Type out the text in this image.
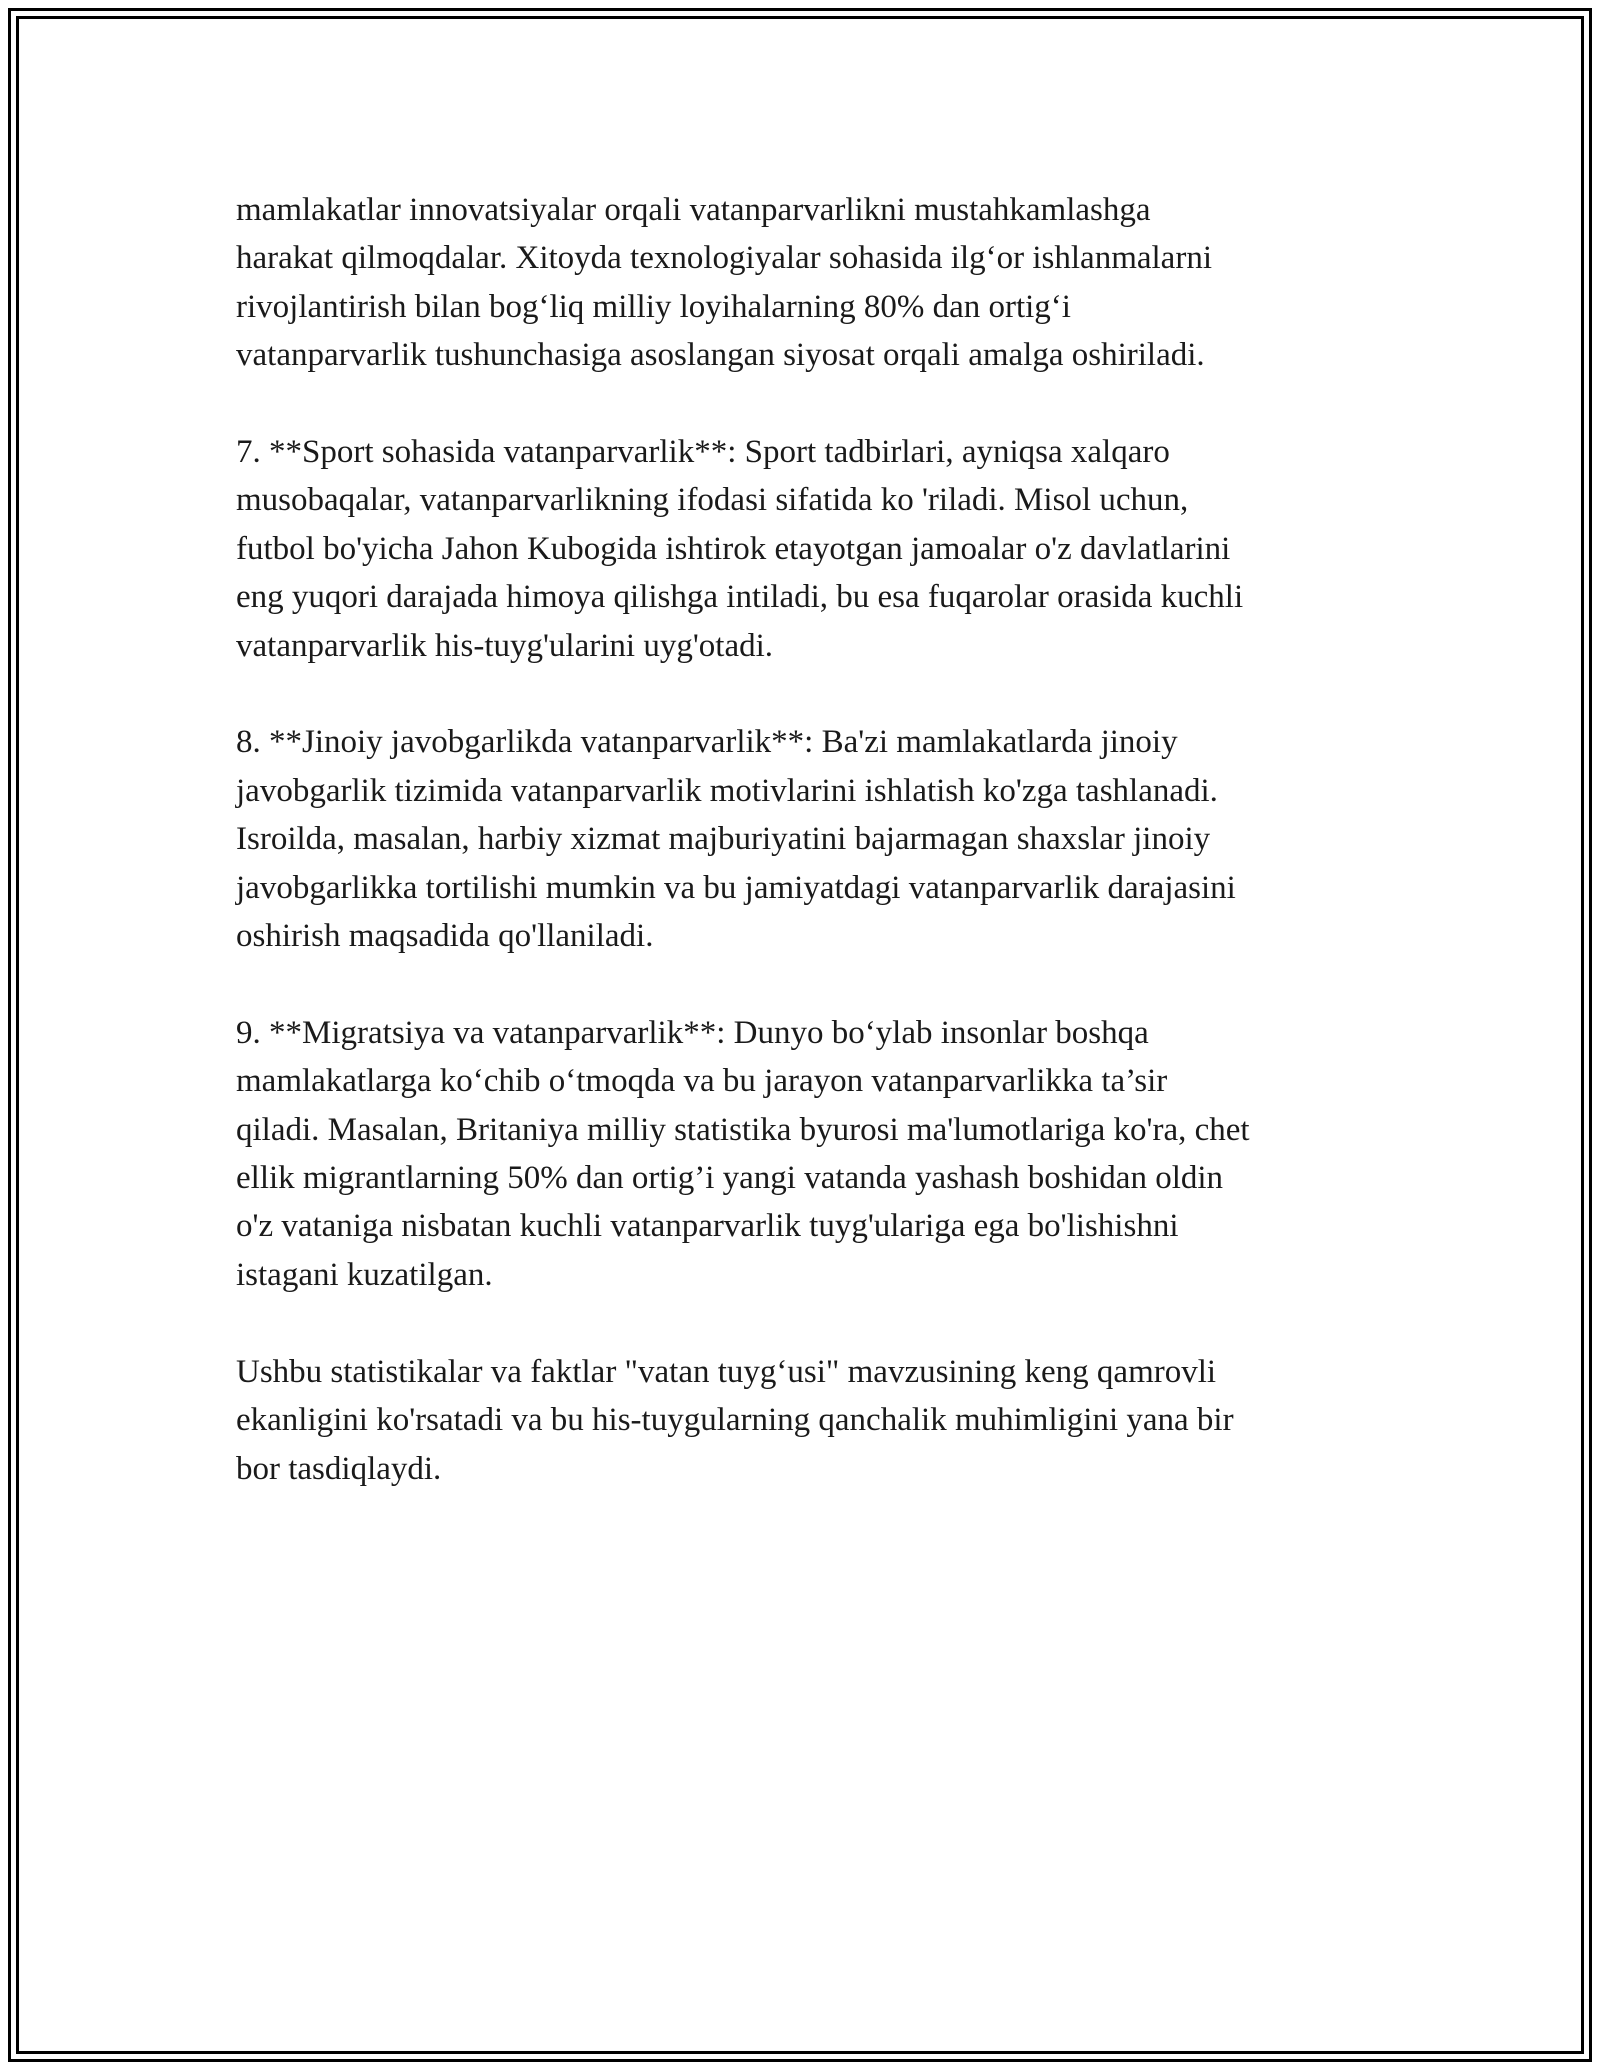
mamlakatlar innovatsiyalar orqali vatanparvarlikni mustahkamlashga
harakat qilmoqdalar. Xitoyda texnologiyalar sohasida ilg‘or ishlanmalarni
rivojlantirish bilan bog‘liq milliy loyihalarning 80% dan ortig‘i
vatanparvarlik tushunchasiga asoslangan siyosat orqali amalga oshiriladi.

7. **Sport sohasida vatanparvarlik**: Sport tadbirlari, ayniqsa xalqaro
musobaqalar, vatanparvarlikning ifodasi sifatida ko 'riladi. Misol uchun,
futbol bo'yicha Jahon Kubogida ishtirok etayotgan jamoalar o'z davlatlarini
eng yuqori darajada himoya qilishga intiladi, bu esa fuqarolar orasida kuchli
vatanparvarlik his-tuyg'ularini uyg'otadi.

8. **Jinoiy javobgarlikda vatanparvarlik**: Ba'zi mamlakatlarda jinoiy
javobgarlik tizimida vatanparvarlik motivlarini ishlatish ko'zga tashlanadi.
Isroilda, masalan, harbiy xizmat majburiyatini bajarmagan shaxslar jinoiy
javobgarlikka tortilishi mumkin va bu jamiyatdagi vatanparvarlik darajasini
oshirish maqsadida qo'llaniladi.

9. **Migratsiya va vatanparvarlik**: Dunyo bo‘ylab insonlar boshqa
mamlakatlarga ko‘chib o‘tmoqda va bu jarayon vatanparvarlikka ta’sir
qiladi. Masalan, Britaniya milliy statistika byurosi ma'lumotlariga ko'ra, chet
ellik migrantlarning 50% dan ortig’i yangi vatanda yashash boshidan oldin
o'z vataniga nisbatan kuchli vatanparvarlik tuyg'ulariga ega bo'lishishni
istagani kuzatilgan.

Ushbu statistikalar va faktlar "vatan tuyg‘usi" mavzusining keng qamrovli
ekanligini ko'rsatadi va bu his-tuygularning qanchalik muhimligini yana bir
bor tasdiqlaydi.
